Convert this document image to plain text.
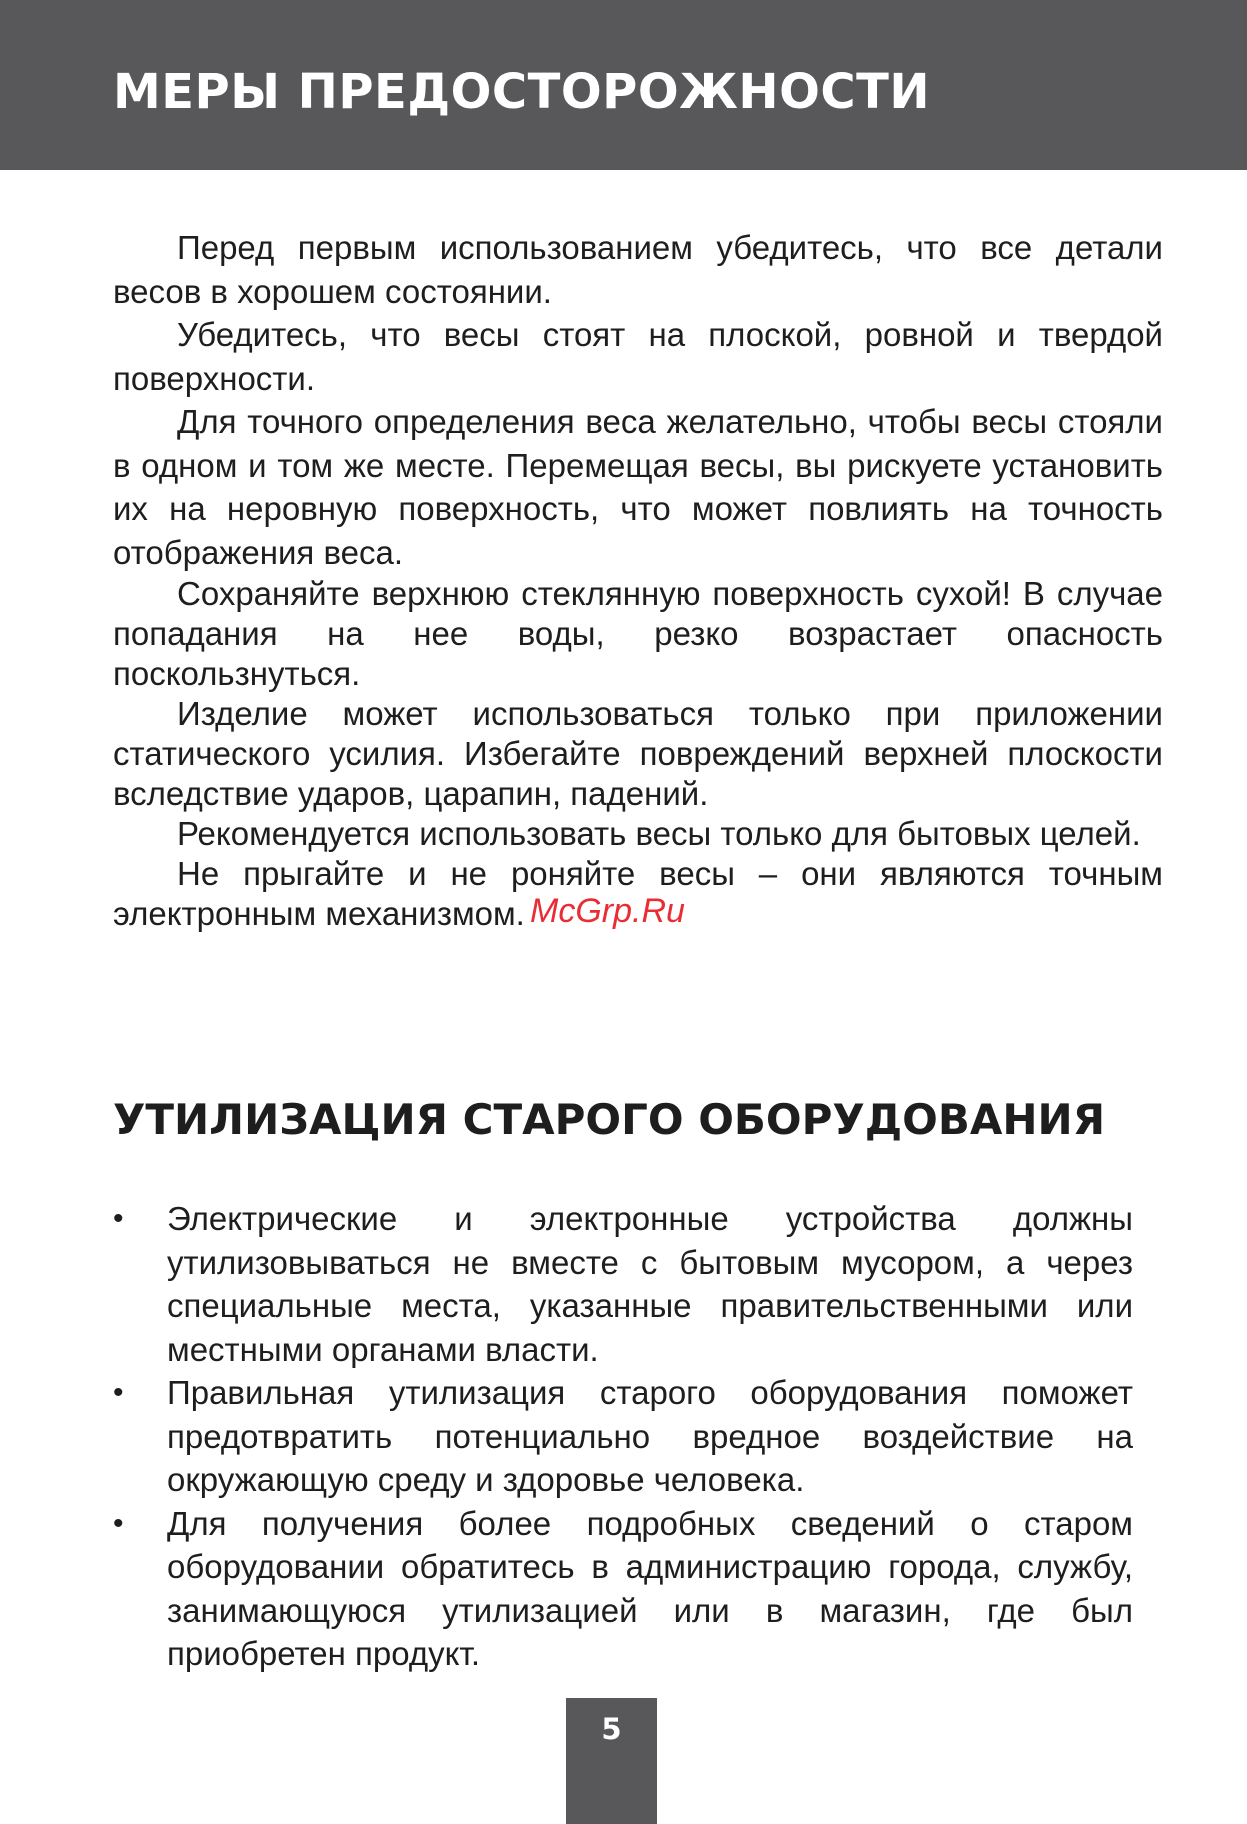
МЕРЫ ПРЕДОСТОРОЖНОСТИ

Перед первым использованием убедитесь, что все детали весов в хорошем состоянии.

Убедитесь, что весы стоят на плоской, ровной и твердой поверхности.

Для точного определения веса желательно, чтобы весы стояли в одном и том же месте. Перемещая весы, вы рискуете установить их на неровную поверхность, что может повлиять на точность отображения веса.

Сохраняйте верхнюю стеклянную поверхность сухой! В случае попадания на нее воды, резко возрастает опасность поскользнуться.

Изделие может использоваться только при приложении статического усилия. Избегайте повреждений верхней плоскости вследствие ударов, царапин, падений.

Рекомендуется использовать весы только для бытовых целей.

Не прыгайте и не роняйте весы – они являются точным электронным механизмом. McGrp.Ru
УТИЛИЗАЦИЯ СТАРОГО ОБОРУДОВАНИЯ
• Электрические и электронные устройства должны утилизовываться не вместе с бытовым мусором, а через специальные места, указанные правительственными или местными органами власти.
• Правильная утилизация старого оборудования поможет предотвратить потенциально вредное воздействие на окружающую среду и здоровье человека.
• Для получения более подробных сведений о старом оборудовании обратитесь в администрацию города, службу, занимающуюся утилизацией или в магазин, где был приобретен продукт.
5
